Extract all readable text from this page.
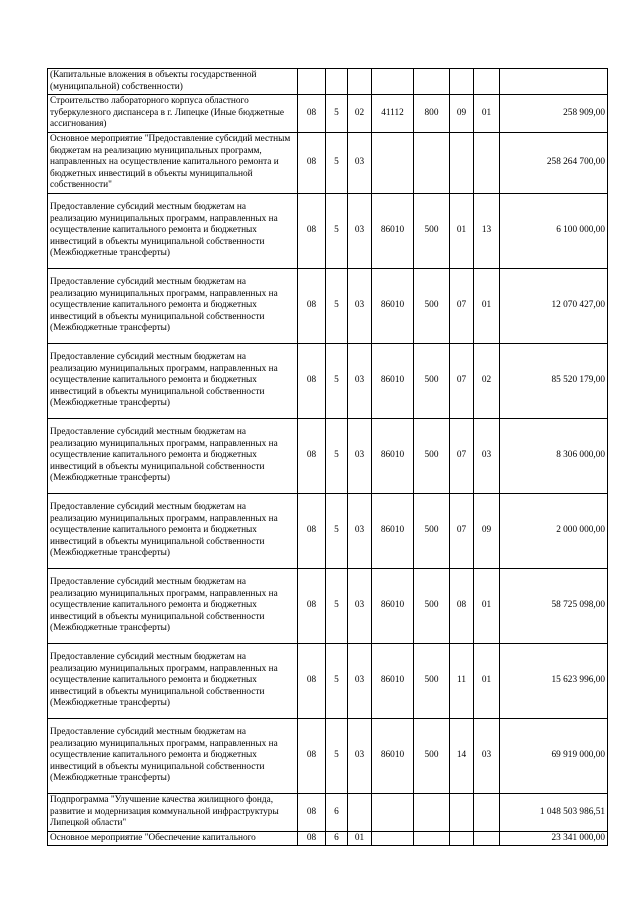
(Капитальные вложения в объекты государственной (муниципальной) собственности)								
Строительство лабораторного корпуса областного туберкулезного диспансера в г. Липецке (Иные бюджетные ассигнования)	08	5	02	41112	800	09	01	258 909,00
Основное мероприятие "Предоставление субсидий местным бюджетам на реализацию муниципальных программ, направленных на осуществление капитального ремонта и бюджетных инвестиций в объекты муниципальной собственности"	08	5	03					258 264 700,00
Предоставление субсидий местным бюджетам на реализацию муниципальных программ, направленных на осуществление капитального ремонта и бюджетных инвестиций в объекты муниципальной собственности (Межбюджетные трансферты)	08	5	03	86010	500	01	13	6 100 000,00
Предоставление субсидий местным бюджетам на реализацию муниципальных программ, направленных на осуществление капитального ремонта и бюджетных инвестиций в объекты муниципальной собственности (Межбюджетные трансферты)	08	5	03	86010	500	07	01	12 070 427,00
Предоставление субсидий местным бюджетам на реализацию муниципальных программ, направленных на осуществление капитального ремонта и бюджетных инвестиций в объекты муниципальной собственности (Межбюджетные трансферты)	08	5	03	86010	500	07	02	85 520 179,00
Предоставление субсидий местным бюджетам на реализацию муниципальных программ, направленных на осуществление капитального ремонта и бюджетных инвестиций в объекты муниципальной собственности (Межбюджетные трансферты)	08	5	03	86010	500	07	03	8 306 000,00
Предоставление субсидий местным бюджетам на реализацию муниципальных программ, направленных на осуществление капитального ремонта и бюджетных инвестиций в объекты муниципальной собственности (Межбюджетные трансферты)	08	5	03	86010	500	07	09	2 000 000,00
Предоставление субсидий местным бюджетам на реализацию муниципальных программ, направленных на осуществление капитального ремонта и бюджетных инвестиций в объекты муниципальной собственности (Межбюджетные трансферты)	08	5	03	86010	500	08	01	58 725 098,00
Предоставление субсидий местным бюджетам на реализацию муниципальных программ, направленных на осуществление капитального ремонта и бюджетных инвестиций в объекты муниципальной собственности (Межбюджетные трансферты)	08	5	03	86010	500	11	01	15 623 996,00
Предоставление субсидий местным бюджетам на реализацию муниципальных программ, направленных на осуществление капитального ремонта и бюджетных инвестиций в объекты муниципальной собственности (Межбюджетные трансферты)	08	5	03	86010	500	14	03	69 919 000,00
Подпрограмма "Улучшение качества жилищного фонда, развитие и модернизация коммунальной инфраструктуры Липецкой области"	08	6						1 048 503 986,51
Основное мероприятие "Обеспечение капитального	08	6	01					23 341 000,00
